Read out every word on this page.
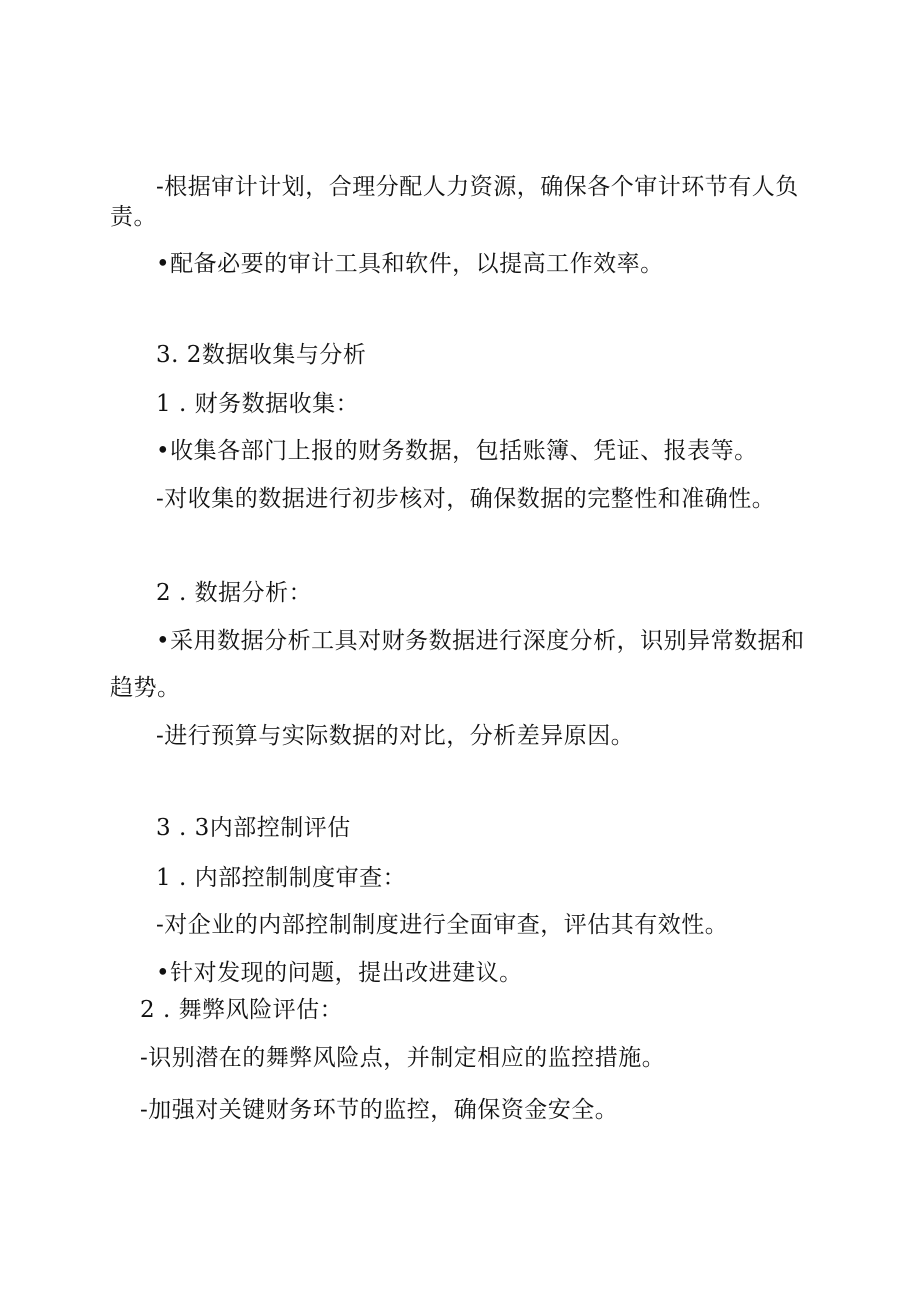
-根据审计计划，合理分配人力资源，确保各个审计环节有人负
责。
•配备必要的审计工具和软件，以提高工作效率。
3. 2数据收集与分析
1 . 财务数据收集：
•收集各部门上报的财务数据，包括账簿、凭证、报表等。
-对收集的数据进行初步核对，确保数据的完整性和准确性。
2 . 数据分析：
•采用数据分析工具对财务数据进行深度分析，识别异常数据和
趋势。
-进行预算与实际数据的对比，分析差异原因。
3 . 3内部控制评估
1 . 内部控制制度审查：
-对企业的内部控制制度进行全面审查，评估其有效性。
•针对发现的问题，提出改进建议。
2 . 舞弊风险评估：
-识别潜在的舞弊风险点，并制定相应的监控措施。
-加强对关键财务环节的监控，确保资金安全。
